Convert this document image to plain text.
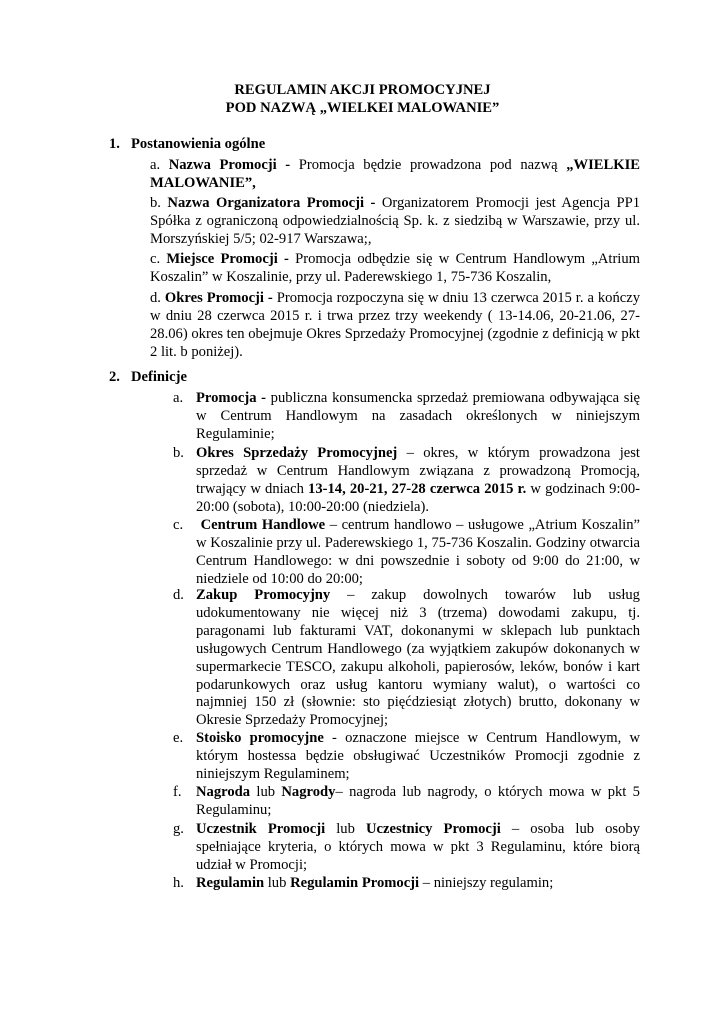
REGULAMIN AKCJI PROMOCYJNEJ
POD NAZWĄ „WIELKEI MALOWANIE”
1. Postanowienia ogólne
a. Nazwa Promocji - Promocja będzie prowadzona pod nazwą „WIELKIE MALOWANIE”,
b. Nazwa Organizatora Promocji - Organizatorem Promocji jest Agencja PP1 Spółka z ograniczoną odpowiedzialnością Sp. k. z siedzibą w Warszawie, przy ul. Morszyńskiej 5/5; 02-917 Warszawa;,
c. Miejsce Promocji - Promocja odbędzie się w Centrum Handlowym „Atrium Koszalin” w Koszalinie, przy ul. Paderewskiego 1, 75-736 Koszalin,
d. Okres Promocji - Promocja rozpoczyna się w dniu 13 czerwca 2015 r. a kończy w dniu 28 czerwca 2015 r. i trwa przez trzy weekendy ( 13-14.06, 20-21.06, 27-28.06) okres ten obejmuje Okres Sprzedaży Promocyjnej (zgodnie z definicją w pkt 2 lit. b poniżej).
2. Definicje
a. Promocja - publiczna konsumencka sprzedaż premiowana odbywająca się w Centrum Handlowym na zasadach określonych w niniejszym Regulaminie;
b. Okres Sprzedaży Promocyjnej – okres, w którym prowadzona jest sprzedaż w Centrum Handlowym związana z prowadzoną Promocją, trwający w dniach 13-14, 20-21, 27-28 czerwca 2015 r. w godzinach 9:00-20:00 (sobota), 10:00-20:00 (niedziela).
c. Centrum Handlowe – centrum handlowo – usługowe „Atrium Koszalin” w Koszalinie przy ul. Paderewskiego 1, 75-736 Koszalin. Godziny otwarcia Centrum Handlowego: w dni powszednie i soboty od 9:00 do 21:00, w niedziele od 10:00 do 20:00;
d. Zakup Promocyjny – zakup dowolnych towarów lub usług udokumentowany nie więcej niż 3 (trzema) dowodami zakupu, tj. paragonami lub fakturami VAT, dokonanymi w sklepach lub punktach usługowych Centrum Handlowego (za wyjątkiem zakupów dokonanych w supermarkecie TESCO, zakupu alkoholi, papierosów, leków, bonów i kart podarunkowych oraz usług kantoru wymiany walut), o wartości co najmniej 150 zł (słownie: sto pięćdziesiąt złotych) brutto, dokonany w Okresie Sprzedaży Promocyjnej;
e. Stoisko promocyjne - oznaczone miejsce w Centrum Handlowym, w którym hostessa będzie obsługiwać Uczestników Promocji zgodnie z niniejszym Regulaminem;
f. Nagroda lub Nagrody– nagroda lub nagrody, o których mowa w pkt 5 Regulaminu;
g. Uczestnik Promocji lub Uczestnicy Promocji – osoba lub osoby spełniające kryteria, o których mowa w pkt 3 Regulaminu, które biorą udział w Promocji;
h. Regulamin lub Regulamin Promocji – niniejszy regulamin;
